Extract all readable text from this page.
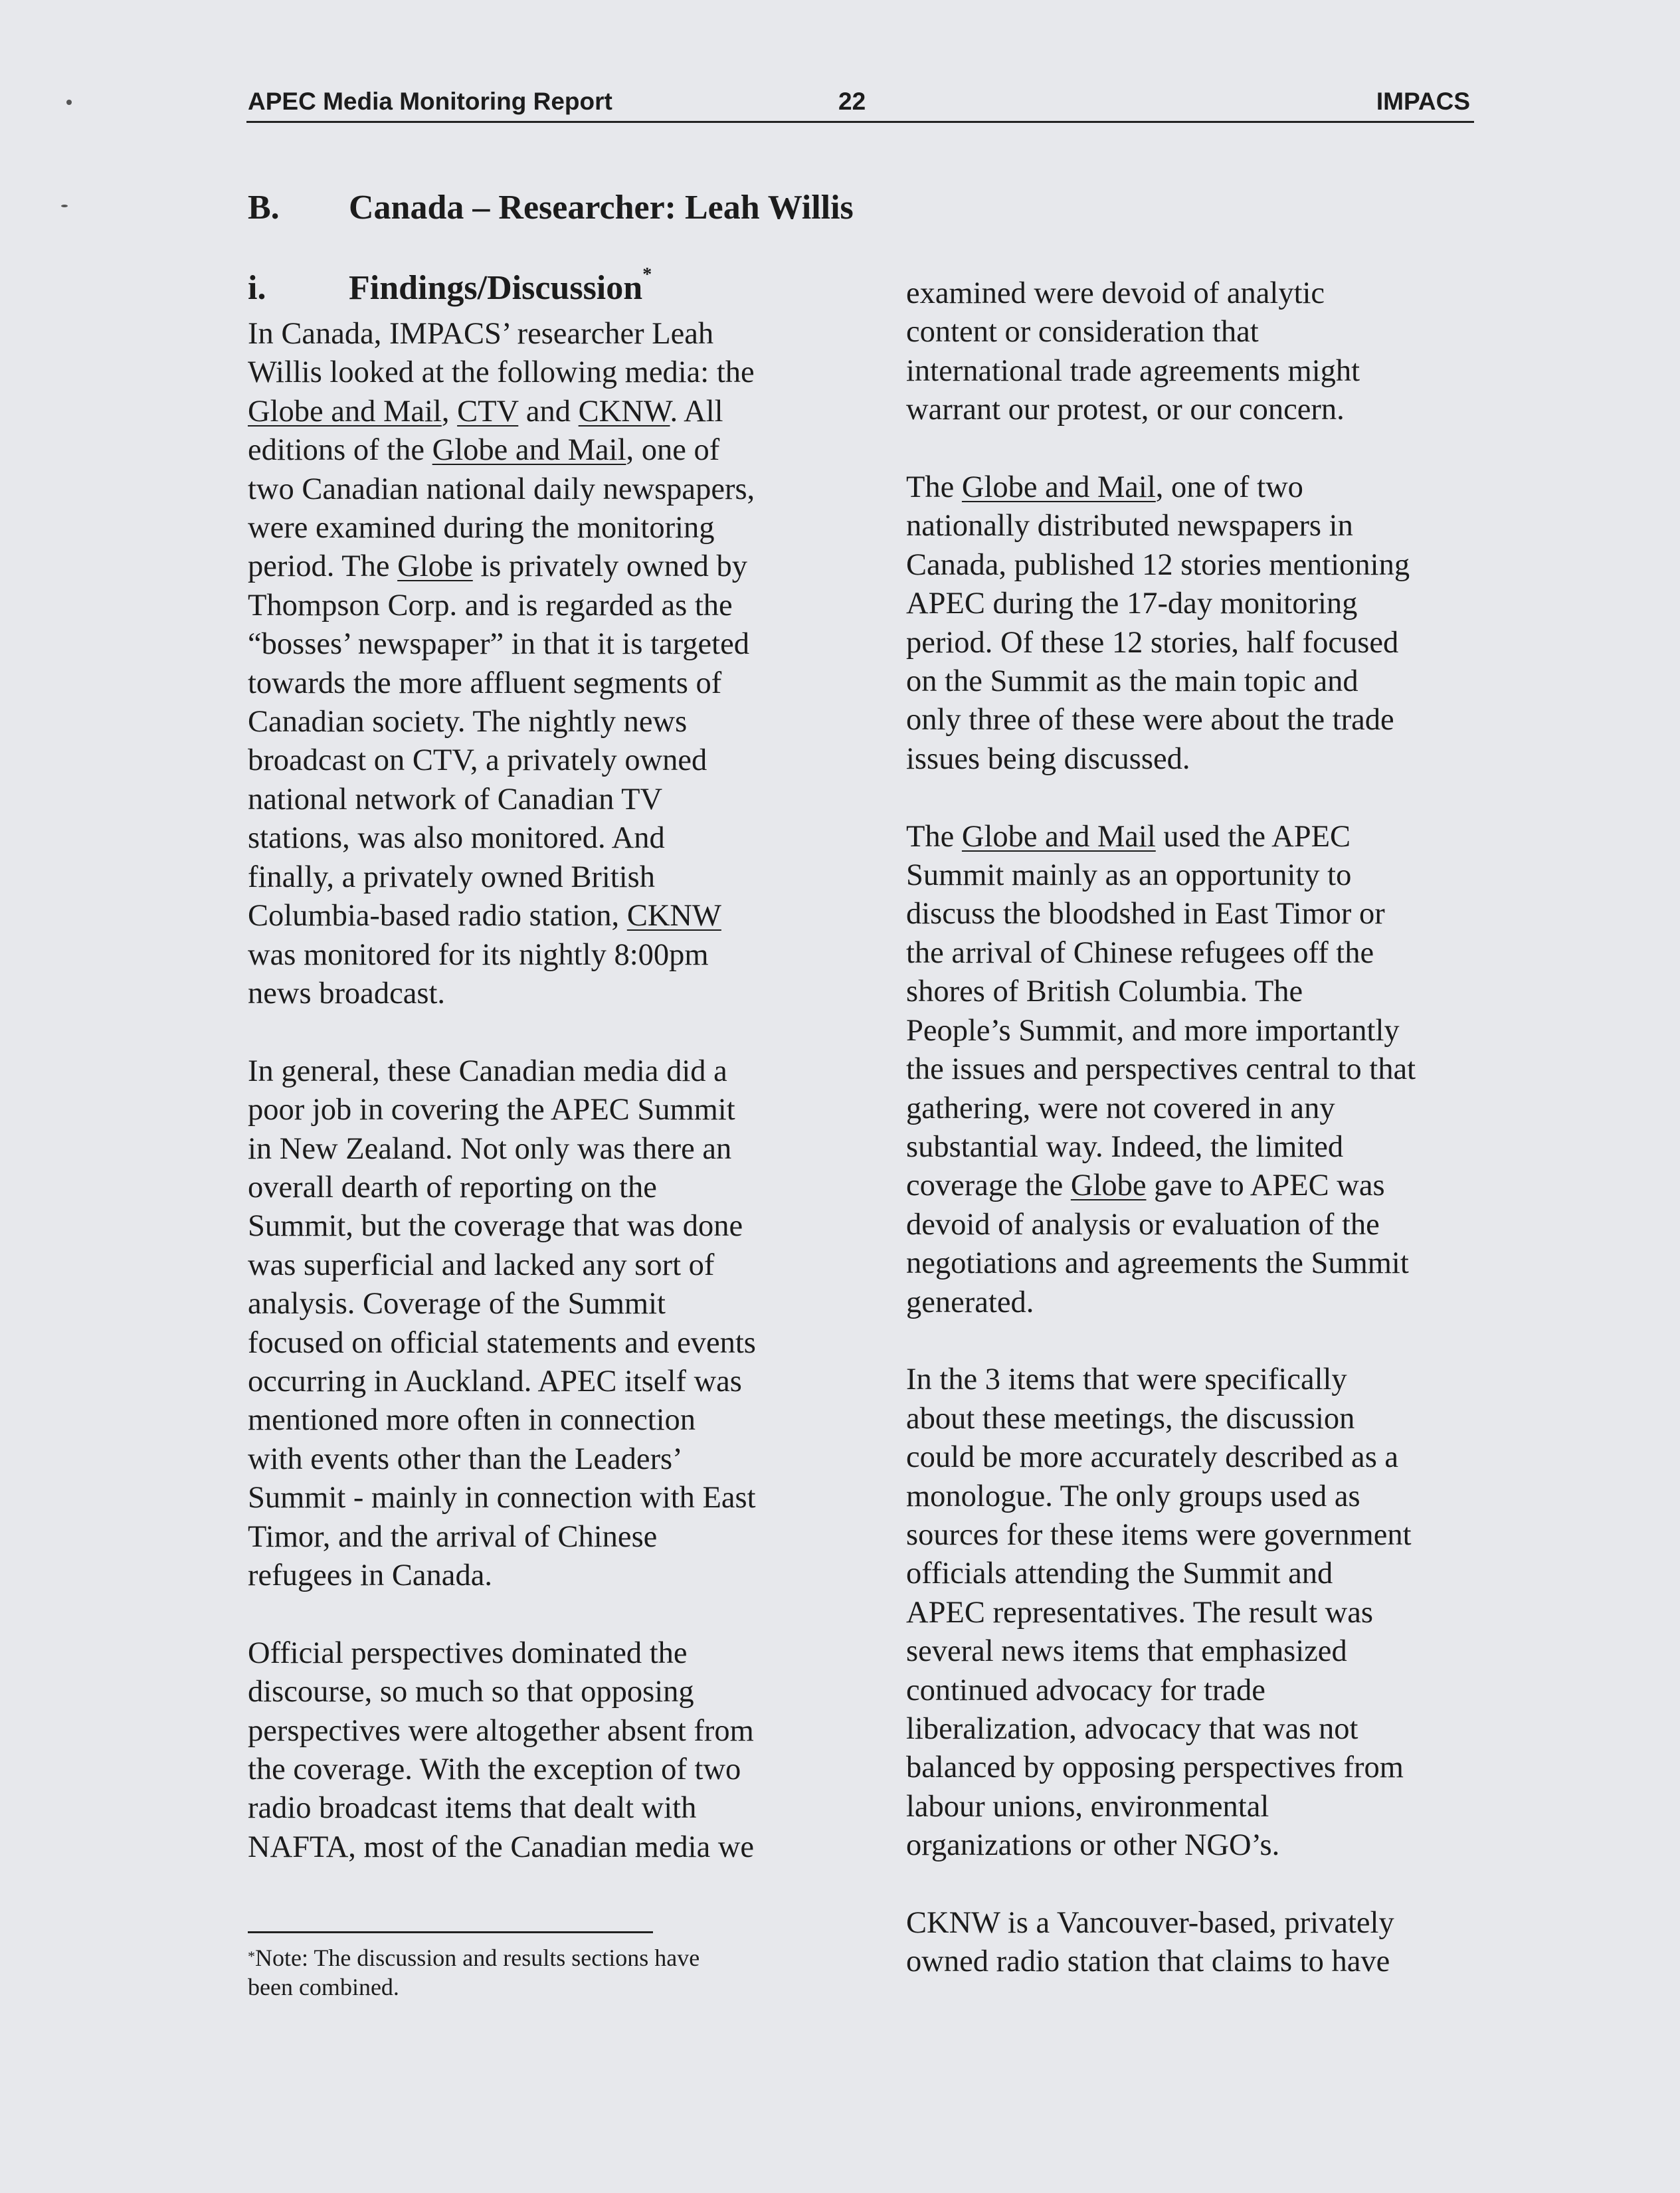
APEC Media Monitoring Report	22	IMPACS
B. Canada – Researcher: Leah Willis
i. Findings/Discussion*

In Canada, IMPACS’ researcher Leah
Willis looked at the following media: the
Globe and Mail, CTV and CKNW. All
editions of the Globe and Mail, one of
two Canadian national daily newspapers,
were examined during the monitoring
period. The Globe is privately owned by
Thompson Corp. and is regarded as the
“bosses’ newspaper” in that it is targeted
towards the more affluent segments of
Canadian society. The nightly news
broadcast on CTV, a privately owned
national network of Canadian TV
stations, was also monitored. And
finally, a privately owned British
Columbia-based radio station, CKNW
was monitored for its nightly 8:00pm
news broadcast.

In general, these Canadian media did a
poor job in covering the APEC Summit
in New Zealand. Not only was there an
overall dearth of reporting on the
Summit, but the coverage that was done
was superficial and lacked any sort of
analysis. Coverage of the Summit
focused on official statements and events
occurring in Auckland. APEC itself was
mentioned more often in connection
with events other than the Leaders’
Summit - mainly in connection with East
Timor, and the arrival of Chinese
refugees in Canada.

Official perspectives dominated the
discourse, so much so that opposing
perspectives were altogether absent from
the coverage. With the exception of two
radio broadcast items that dealt with
NAFTA, most of the Canadian media we

examined were devoid of analytic
content or consideration that
international trade agreements might
warrant our protest, or our concern.

The Globe and Mail, one of two
nationally distributed newspapers in
Canada, published 12 stories mentioning
APEC during the 17-day monitoring
period. Of these 12 stories, half focused
on the Summit as the main topic and
only three of these were about the trade
issues being discussed.

The Globe and Mail used the APEC
Summit mainly as an opportunity to
discuss the bloodshed in East Timor or
the arrival of Chinese refugees off the
shores of British Columbia. The
People’s Summit, and more importantly
the issues and perspectives central to that
gathering, were not covered in any
substantial way. Indeed, the limited
coverage the Globe gave to APEC was
devoid of analysis or evaluation of the
negotiations and agreements the Summit
generated.

In the 3 items that were specifically
about these meetings, the discussion
could be more accurately described as a
monologue. The only groups used as
sources for these items were government
officials attending the Summit and
APEC representatives. The result was
several news items that emphasized
continued advocacy for trade
liberalization, advocacy that was not
balanced by opposing perspectives from
labour unions, environmental
organizations or other NGO’s.

CKNW is a Vancouver-based, privately
owned radio station that claims to have

*Note: The discussion and results sections have
been combined.
